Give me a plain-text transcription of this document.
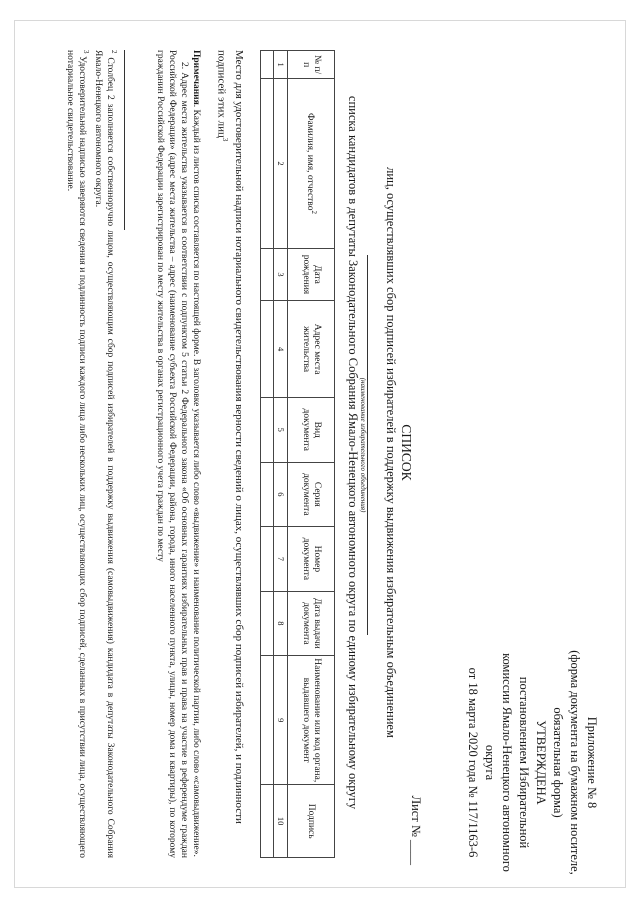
Приложение № 8
(форма документа на бумажном носителе,
обязательная форма)
УТВЕРЖДЕНА
постановлением Избирательной
комиссии Ямало-Ненецкого автономного округа
от 18 марта 2020 года № 117/1163-6
Лист № ____
СПИСОК
лиц, осуществлявших сбор подписей избирателей в поддержку выдвижения избирательным объединением
(наименование избирательного объединения)
списка кандидатов в депутаты Законодательного Собрания Ямало-Ненецкого автономного округа по единому избирательному округу
№ п/п	Фамилия, имя, отчество$^2$	Дата рождения	Адрес места жительства	Вид документа	Серия документа	Номер документа	Дата выдачи документа	Наименование или код органа, выдавшего документ	Подпись
1	2	3	4	5	6	7	8	9	10

Место для удостоверительной надписи нотариального свидетельствования верности сведений о лицах, осуществлявших сбор подписей избирателей, и подлинности подписей этих лиц$^3$

Примечания. Каждый из листов списка составляется по настоящей форме. В заголовке указывается либо слово «выдвижение» и наименование политической партии, либо слово «самовыдвижение».

2. Адрес места жительства указывается в соответствии с подпунктом 5 статьи 2 Федерального закона «Об основных гарантиях избирательных прав и права на участие в референдуме граждан Российской Федерации» (адрес места жительства – адрес (наименование субъекта Российской Федерации, района, города, иного населенного пункта, улицы, номер дома и квартиры), по которому гражданин Российской Федерации зарегистрирован по месту жительства в органах регистрационного учета граждан по месту

$^2$ Столбец 2 заполняется собственноручно лицом, осуществляющим сбор подписей избирателей в поддержку выдвижения (самовыдвижения) кандидата в депутаты Законодательного Собрания Ямало-Ненецкого автономного округа.

$^3$ Удостоверительной надписью заверяются сведения и подлинность подписи каждого лица либо нескольких лиц, осуществляющих сбор подписей, сделанных в присутствии лица, осуществляющего нотариальное свидетельствование.
